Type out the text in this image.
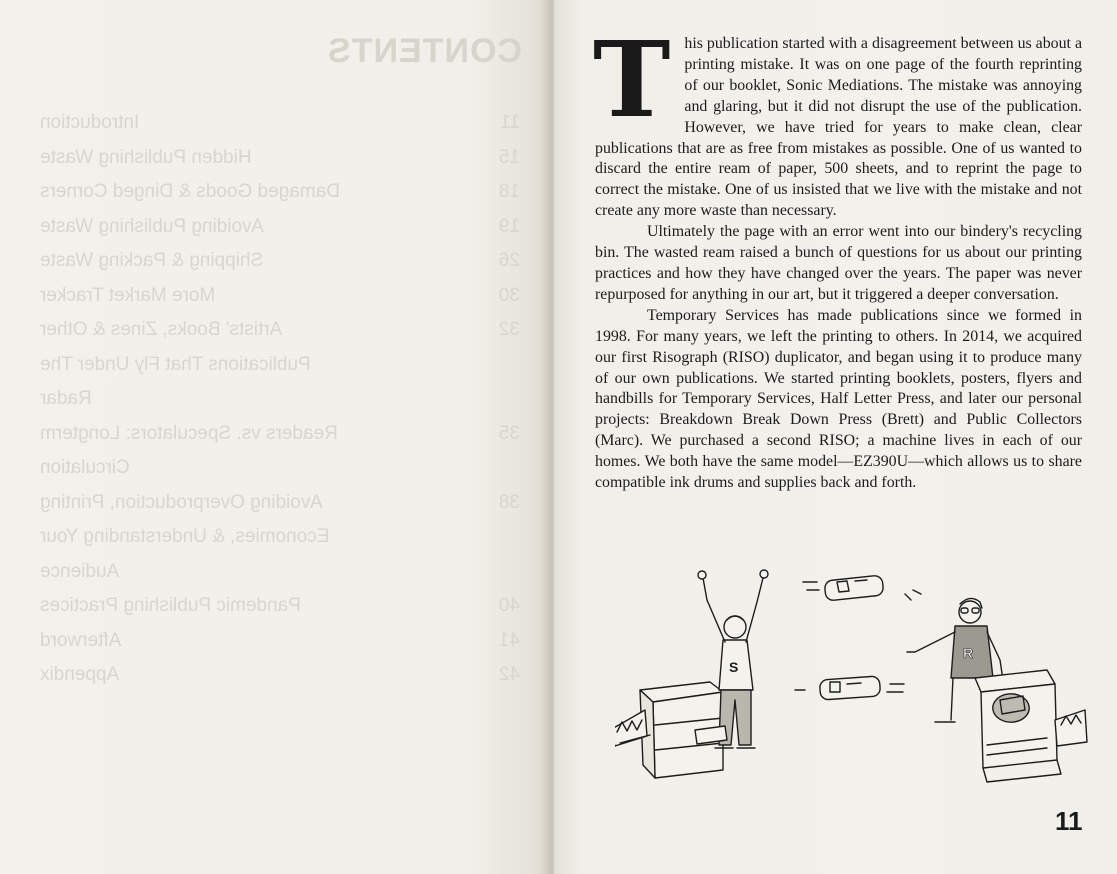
CONTENTS
11
Introduction
15
Hidden Publishing Waste
18
Damaged Goods & Dinged Corners
19
Avoiding Publishing Waste
26
Shipping & Packing Waste
30
More Market Tracker
32
Artists' Books, Zines & Other
Publications That Fly Under The
Radar
35
Readers vs. Speculators: Longterm
Circulation
38
Avoiding Overproduction, Printing
Economies, & Understanding Your
Audience
40
Pandemic Publishing Practices
41
Afterword
42
Appendix

This publication started with a disagreement between us about a printing mistake. It was on one page of the fourth reprinting of our booklet, Sonic Mediations. The mistake was annoying and glaring, but it did not disrupt the use of the publication. However, we have tried for years to make clean, clear publications that are as free from mistakes as possible. One of us wanted to discard the entire ream of paper, 500 sheets, and to reprint the page to correct the mistake. One of us insisted that we live with the mistake and not create any more waste than necessary.

Ultimately the page with an error went into our bindery's recycling bin. The wasted ream raised a bunch of questions for us about our printing practices and how they have changed over the years. The paper was never repurposed for anything in our art, but it triggered a deeper conversation.

Temporary Services has made publications since we formed in 1998. For many years, we left the printing to others. In 2014, we acquired our first Risograph (RISO) duplicator, and began using it to produce many of our own publications. We started printing booklets, posters, flyers and handbills for Temporary Services, Half Letter Press, and later our personal projects: Breakdown Break Down Press (Brett) and Public Collectors (Marc). We purchased a second RISO; a machine lives in each of our homes. We both have the same model—EZ390U—which allows us to share compatible ink drums and supplies back and forth.

S
R
11
